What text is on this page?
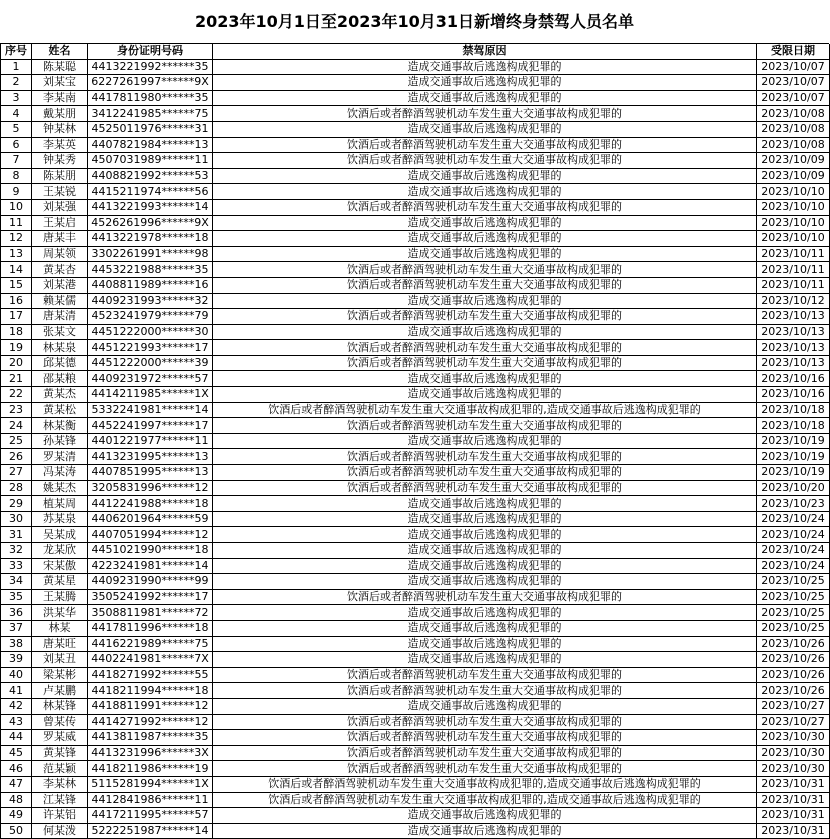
2023年10月1日至2023年10月31日新增终身禁驾人员名单
序号	姓名	身份证明号码	禁驾原因	受限日期
1	陈某聪	4413221992******35	造成交通事故后逃逸构成犯罪的	2023/10/07
2	刘某宝	6227261997******9X	造成交通事故后逃逸构成犯罪的	2023/10/07
3	李某南	4417811980******35	造成交通事故后逃逸构成犯罪的	2023/10/07
4	戴某朋	3412241985******75	饮酒后或者醉酒驾驶机动车发生重大交通事故构成犯罪的	2023/10/08
5	钟某林	4525011976******31	造成交通事故后逃逸构成犯罪的	2023/10/08
6	李某英	4407821984******13	饮酒后或者醉酒驾驶机动车发生重大交通事故构成犯罪的	2023/10/08
7	钟某秀	4507031989******11	饮酒后或者醉酒驾驶机动车发生重大交通事故构成犯罪的	2023/10/09
8	陈某朋	4408821992******53	造成交通事故后逃逸构成犯罪的	2023/10/09
9	王某锐	4415211974******56	造成交通事故后逃逸构成犯罪的	2023/10/10
10	刘某强	4413221993******14	饮酒后或者醉酒驾驶机动车发生重大交通事故构成犯罪的	2023/10/10
11	王某启	4526261996******9X	造成交通事故后逃逸构成犯罪的	2023/10/10
12	唐某丰	4413221978******18	造成交通事故后逃逸构成犯罪的	2023/10/10
13	周某领	3302261991******98	造成交通事故后逃逸构成犯罪的	2023/10/11
14	黄某杏	4453221988******35	饮酒后或者醉酒驾驶机动车发生重大交通事故构成犯罪的	2023/10/11
15	刘某港	4408811989******16	饮酒后或者醉酒驾驶机动车发生重大交通事故构成犯罪的	2023/10/11
16	赖某儒	4409231993******32	造成交通事故后逃逸构成犯罪的	2023/10/12
17	唐某清	4523241979******79	饮酒后或者醉酒驾驶机动车发生重大交通事故构成犯罪的	2023/10/13
18	张某文	4451222000******30	造成交通事故后逃逸构成犯罪的	2023/10/13
19	林某泉	4451221993******17	饮酒后或者醉酒驾驶机动车发生重大交通事故构成犯罪的	2023/10/13
20	邱某德	4451222000******39	饮酒后或者醉酒驾驶机动车发生重大交通事故构成犯罪的	2023/10/13
21	邵某粮	4409231972******57	造成交通事故后逃逸构成犯罪的	2023/10/16
22	黄某杰	4414211985******1X	造成交通事故后逃逸构成犯罪的	2023/10/16
23	黄某松	5332241981******14	饮酒后或者醉酒驾驶机动车发生重大交通事故构成犯罪的,造成交通事故后逃逸构成犯罪的	2023/10/18
24	林某衡	4452241997******17	饮酒后或者醉酒驾驶机动车发生重大交通事故构成犯罪的	2023/10/18
25	孙某锋	4401221977******11	造成交通事故后逃逸构成犯罪的	2023/10/19
26	罗某清	4413231995******13	饮酒后或者醉酒驾驶机动车发生重大交通事故构成犯罪的	2023/10/19
27	冯某涛	4407851995******13	饮酒后或者醉酒驾驶机动车发生重大交通事故构成犯罪的	2023/10/19
28	姚某杰	3205831996******12	饮酒后或者醉酒驾驶机动车发生重大交通事故构成犯罪的	2023/10/20
29	植某周	4412241988******18	造成交通事故后逃逸构成犯罪的	2023/10/23
30	苏某泉	4406201964******59	造成交通事故后逃逸构成犯罪的	2023/10/24
31	吴某成	4407051994******12	造成交通事故后逃逸构成犯罪的	2023/10/24
32	龙某欣	4451021990******18	造成交通事故后逃逸构成犯罪的	2023/10/24
33	宋某傲	4223241981******14	造成交通事故后逃逸构成犯罪的	2023/10/24
34	黄某星	4409231990******99	造成交通事故后逃逸构成犯罪的	2023/10/25
35	王某腾	3505241992******17	饮酒后或者醉酒驾驶机动车发生重大交通事故构成犯罪的	2023/10/25
36	洪某华	3508811981******72	造成交通事故后逃逸构成犯罪的	2023/10/25
37	林某	4417811996******18	造成交通事故后逃逸构成犯罪的	2023/10/25
38	唐某旺	4416221989******75	造成交通事故后逃逸构成犯罪的	2023/10/26
39	刘某丑	4402241981******7X	造成交通事故后逃逸构成犯罪的	2023/10/26
40	梁某彬	4418271992******55	饮酒后或者醉酒驾驶机动车发生重大交通事故构成犯罪的	2023/10/26
41	卢某鹏	4418211994******18	饮酒后或者醉酒驾驶机动车发生重大交通事故构成犯罪的	2023/10/26
42	林某锋	4418811991******12	造成交通事故后逃逸构成犯罪的	2023/10/27
43	曾某传	4414271992******12	饮酒后或者醉酒驾驶机动车发生重大交通事故构成犯罪的	2023/10/27
44	罗某威	4413811987******35	饮酒后或者醉酒驾驶机动车发生重大交通事故构成犯罪的	2023/10/30
45	黄某锋	4413231996******3X	饮酒后或者醉酒驾驶机动车发生重大交通事故构成犯罪的	2023/10/30
46	范某颖	4418211986******19	饮酒后或者醉酒驾驶机动车发生重大交通事故构成犯罪的	2023/10/30
47	李某林	5115281994******1X	饮酒后或者醉酒驾驶机动车发生重大交通事故构成犯罪的,造成交通事故后逃逸构成犯罪的	2023/10/31
48	江某锋	4412841986******11	饮酒后或者醉酒驾驶机动车发生重大交通事故构成犯罪的,造成交通事故后逃逸构成犯罪的	2023/10/31
49	许某铝	4417211995******57	造成交通事故后逃逸构成犯罪的	2023/10/31
50	何某泼	5222251987******14	造成交通事故后逃逸构成犯罪的	2023/10/31
